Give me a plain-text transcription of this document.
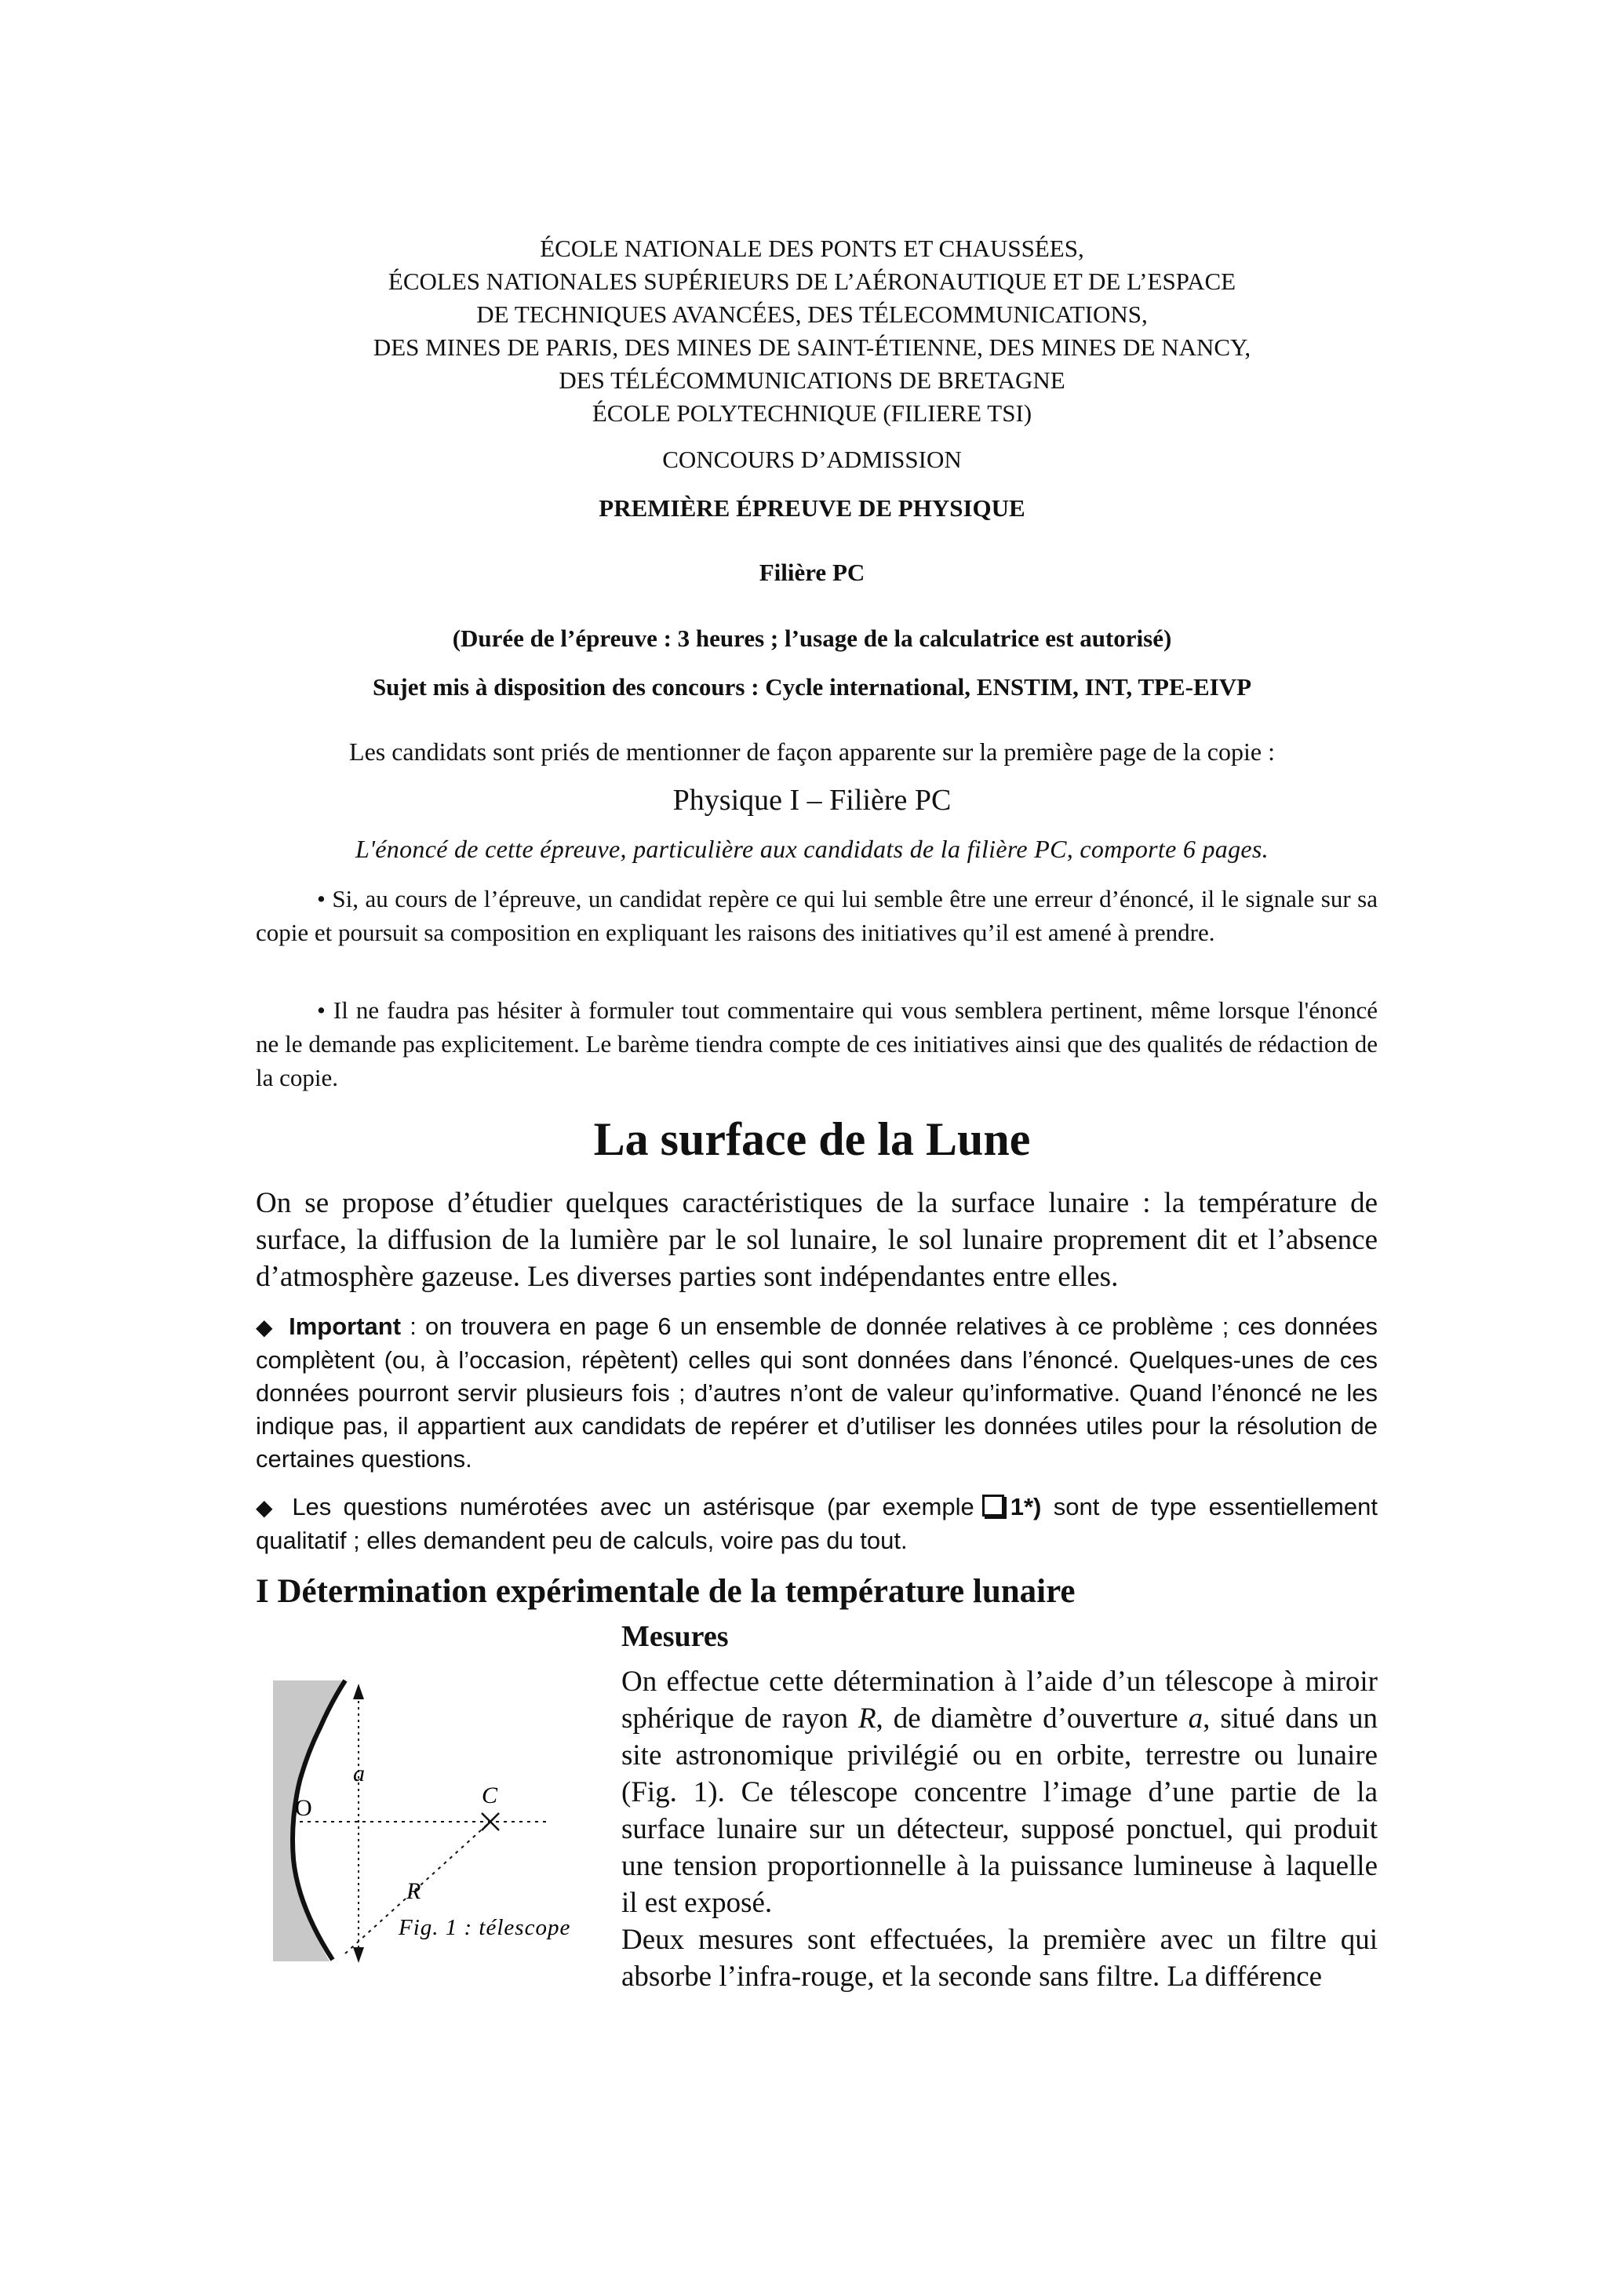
ÉCOLE NATIONALE DES PONTS ET CHAUSSÉES,
ÉCOLES NATIONALES SUPÉRIEURS DE L’AÉRONAUTIQUE ET DE L’ESPACE
DE TECHNIQUES AVANCÉES, DES TÉLECOMMUNICATIONS,
DES MINES DE PARIS, DES MINES DE SAINT-ÉTIENNE, DES MINES DE NANCY,
DES TÉLÉCOMMUNICATIONS DE BRETAGNE
ÉCOLE POLYTECHNIQUE (FILIERE TSI)
CONCOURS D’ADMISSION
PREMIÈRE ÉPREUVE DE PHYSIQUE
Filière PC
(Durée de l’épreuve : 3 heures ; l’usage de la calculatrice est autorisé)
Sujet mis à disposition des concours : Cycle international, ENSTIM, INT, TPE-EIVP
Les candidats sont priés de mentionner de façon apparente sur la première page de la copie :
Physique I – Filière PC
L'énoncé de cette épreuve, particulière aux candidats de la filière PC, comporte 6 pages.
• Si, au cours de l’épreuve, un candidat repère ce qui lui semble être une erreur d’énoncé, il le signale sur sa copie et poursuit sa composition en expliquant les raisons des initiatives qu’il est amené à prendre.
• Il ne faudra pas hésiter à formuler tout commentaire qui vous semblera pertinent, même lorsque l'énoncé ne le demande pas explicitement. Le barème tiendra compte de ces initiatives ainsi que des qualités de rédaction de la copie.
La surface de la Lune
On se propose d’étudier quelques caractéristiques de la surface lunaire : la température de surface, la diffusion de la lumière par le sol lunaire, le sol lunaire proprement dit et l’absence d’atmosphère gazeuse. Les diverses parties sont indépendantes entre elles.
◆ Important : on trouvera en page 6 un ensemble de donnée relatives à ce problème ; ces données complètent (ou, à l’occasion, répètent) celles qui sont données dans l’énoncé. Quelques-unes de ces données pourront servir plusieurs fois ; d’autres n’ont de valeur qu’informative. Quand l’énoncé ne les indique pas, il appartient aux candidats de repérer et d’utiliser les données utiles pour la résolution de certaines questions.
◆ Les questions numérotées avec un astérisque (par exemple 1*) sont de type essentiellement qualitatif ; elles demandent peu de calculs, voire pas du tout.
I Détermination expérimentale de la température lunaire
Mesures
On effectue cette détermination à l’aide d’un télescope à miroir sphérique de rayon R, de diamètre d’ouverture a, situé dans un site astronomique privilégié ou en orbite, terrestre ou lunaire (Fig. 1). Ce télescope concentre l’image d’une partie de la surface lunaire sur un détecteur, supposé ponctuel, qui produit une tension proportionnelle à la puissance lumineuse à laquelle il est exposé.
Deux mesures sont effectuées, la première avec un filtre qui absorbe l’infra-rouge, et la seconde sans filtre. La différence
a
O	C
R
Fig. 1 : télescope
